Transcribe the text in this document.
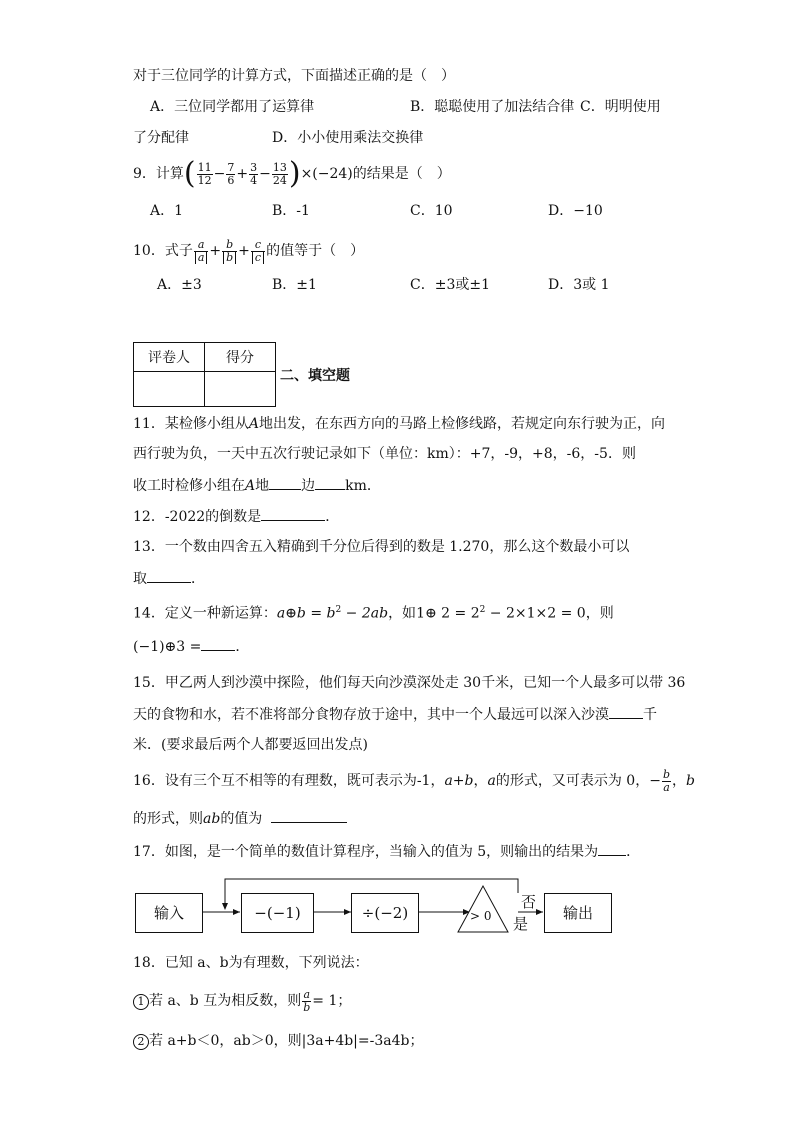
对于三位同学的计算方式，下面描述正确的是（　）
A．三位同学都用了运算律	B．聪聪使用了加法结合律 C．明明使用
了分配律	D．小小使用乘法交换律
9．计算( $\frac{11}{12} - \frac{7}{6} + \frac{3}{4} - \frac{13}{24} )\times(-24)$的结果是（　）
A．1	B．-1	C．10	D．−10
10．式子 $\frac{a}{a} + \frac{b}{b} + \frac{c}{c}$ 的值等于（　）
A．±3	B．±1	C．±3或±1	D．3或 1
评卷人	得分

二、填空题
11．某检修小组从A地出发，在东西方向的马路上检修线路，若规定向东行驶为正，向
西行驶为负，一天中五次行驶记录如下（单位：km）：+7，-9，+8，-6，-5．则
收工时检修小组在A地 边 km．
12．-2022的倒数是	．
13．一个数由四舍五入精确到千分位后得到的数是 1.270，那么这个数最小可以
取	．
14．定义一种新运算：a⊕b = $b^2 - 2ab$，如1⊕ $2 = 2^2 - 2\times 1\times 2 = 0$，则
(−1)⊕3 = ．
15．甲乙两人到沙漠中探险，他们每天向沙漠深处走 30千米，已知一个人最多可以带 36
天的食物和水，若不准将部分食物存放于途中，其中一个人最远可以深入沙漠 千
米．(要求最后两个人都要返回出发点)
16．设有三个互不相等的有理数，既可表示为-1，a+b，a的形式，又可表示为 0，− $\frac{b}{a}$ ，b
的形式，则ab的值为
17．如图，是一个简单的数值计算程序，当输入的值为 5，则输出的结果为 ．
输入	−(−1)	÷(−2)	> 0
否
是
输出
18．已知 a、b为有理数，下列说法：
1 若 a、b 互为相反数，则 $\frac{a}{b} = 1$；
2 若 a+b＜0，ab＞0，则|3a+4b|=-3a4b；
